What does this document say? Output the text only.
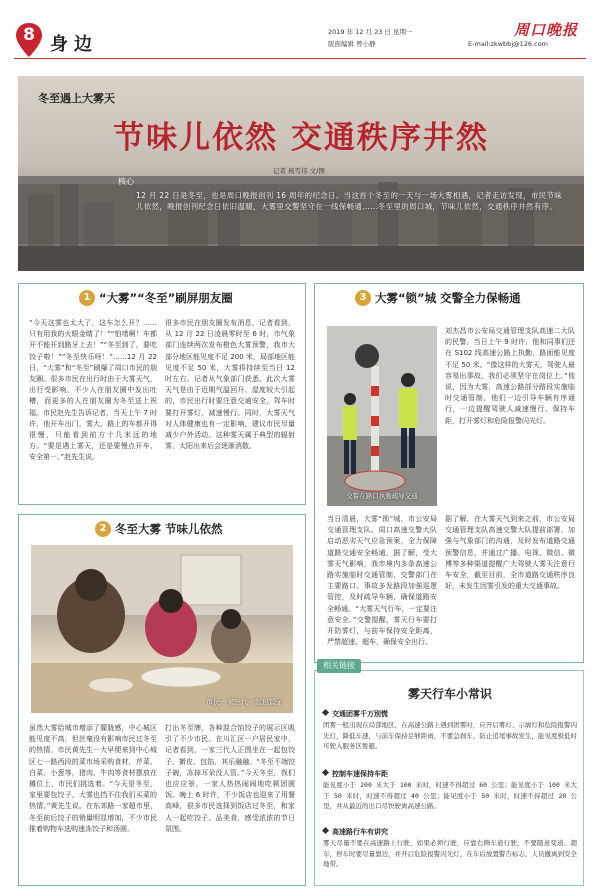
8 身边
2019 年 12 月 23 日 星期一
版面编辑 曾小静	E-mail:zkwbbj@126.com
周口晚报
冬至遇上大雾天
节味儿依然 交通秩序井然
记者 杨雪伟 文/图
核心
12 月 22 日是冬至，也是周口晚报创刊 16 周年的纪念日。当这首个冬至的一天与一场大雾相遇，记者走访发现，市民节味儿依然，晚报创刊纪念日依旧温暖，大雾里交警坚守在一线保畅通……冬至里的周口城，节味儿依然，交通秩序井然有序。
1 “大雾”“冬至”刷屏朋友圈
“今天这雾也太大了，这车怎么开？……只有用我的火眼金睛了！”“怕堵啊！车都开不能开到路牙上去！”“冬至到了，要吃饺子啦！”“冬至快乐呀！”……12 月 22 日，“大雾”和“冬至”刷爆了周口市民的朋友圈。很多市民在出行时由于大雾天气，出行受影响，不少人在朋友圈中发出吐槽，而更多的人在朋友圈为冬至送上祝福。市民赵先生告诉记者，当天上午 7 时许，他开车出门，雾大，路上的车都开得很慢，只能看到前方十几米远的地方。“要是遇上雾天，还是要慢点开车，安全第一。”赵先生说。
很多市民在朋友圈发布消息，记者看到，从 12 月 22 日凌晨零时至 6 时，市气象部门连续两次发布橙色大雾预警，我市大部分地区能见度不足 200 米，局部地区能见度不足 50 米，大雾将持续至当日 12 时左右。记者从气象部门获悉，此次大雾天气是由于近期气温回升、湿度较大引起的，市民出行时要注意交通安全，驾车时要打开雾灯，减速慢行。同时，大雾天气对人体健康也有一定影响，建议市民尽量减少户外活动。这种雾天属于典型的辐射雾，太阳出来后会逐渐消散。
2 冬至大雾 节味儿依然
市民一家三代一起包饺子
虽然大雾给城市增添了朦胧感，中心城区能见度不高，但丝毫没有影响市民过冬至的热情。市民黄先生一大早便来到中心城区七一路西段的菜市场采购食材，芹菜、白菜、小葱等，猪肉、牛肉等食材摆放在摊位上，市民们挑选着。“今天是冬至，家里要包饺子，大雾也挡不住我们买菜的热情。”黄先生说。在东郊路一家超市里，冬至前后饺子的销量明显增加，不少市民推着购物车选购速冻饺子和汤圆。
打出冬至牌，各种混合馅饺子的展示区吸引了不少市民。在川汇区一户居民家中，记者看到，一家三代人正围坐在一起包饺子，擀皮、包馅，其乐融融。“冬至不端饺子碗，冻掉耳朵没人管。”今天冬至，我们也应应景，一家人热热闹闹地吃顿团圆饭。晚上 6 时许，不少饭店也迎来了用餐高峰，很多市民选择到饭店过冬至，和家人一起吃饺子、品美食，感受浓浓的节日氛围。
3 大雾“锁”城 交警全力保畅通
交警在路口执勤疏导交通
刘杰昌市公安局交通管理支队高速二大队的民警。当日上午 9 时许，他和同事们还在 S102 线高速公路上执勤，路面能见度不足 50 米。“像这样的大雾天，驾驶人最容易出事故，我们必须坚守在岗位上。”他说，因为大雾，高速公路部分路段实施临时交通管制，他们一边引导车辆有序通行，一边提醒驾驶人减速慢行、保持车距，打开雾灯和危险报警闪光灯。
当日清晨，大雾“锁”城，市公安局交通管理支队、周口高速交警大队启动恶劣天气应急预案，全力保障道路交通安全畅通，据了解，受大雾天气影响，我市境内多条高速公路实施临时交通管制，交警部门在主要路口、事故多发路段加强巡逻管控，及时疏导车辆，确保道路安全畅通。“大雾天气行车，一定要注意安全。”交警提醒，雾天行车要打开防雾灯，与前车保持安全距离，严禁超速、超车，确保安全出行。
据了解，在大雾天气到来之前，市公安局交通管理支队高速交警大队提前部署，加强与气象部门的沟通，及时发布道路交通预警信息，并通过广播、电视、微信、微博等多种渠道提醒广大驾驶人雾天注意行车安全，截至目前，全市道路交通秩序良好，未发生因雾引发的重大交通事故。
相关链接
雾天行车小常识
交通团雾千万别慌
团雾一般出现在局部地区，在高速公路上遇到团雾时，应开启雾灯、示廓灯和危险报警闪光灯，降低车速，与前车保持足够距离，不要急刹车，防止追尾事故发生，能见度极低时可驶入服务区暂避。
控制车速保持车距
能见度小于 200 米大于 100 米时，时速不得超过 60 公里；能见度小于 100 米大于 50 米时，时速不得超过 40 公里；能见度小于 50 米时，时速不得超过 20 公里，并从最近的出口尽快驶离高速公路。
高速路行车有讲究
雾天尽量不要在高速路上行驶，如果必须行驶，应靠右侧车道行驶，不要随意变道、超车，停车时要尽量靠边，并开启危险报警闪光灯，在车后放置警告标志，人员撤离到安全地带。
